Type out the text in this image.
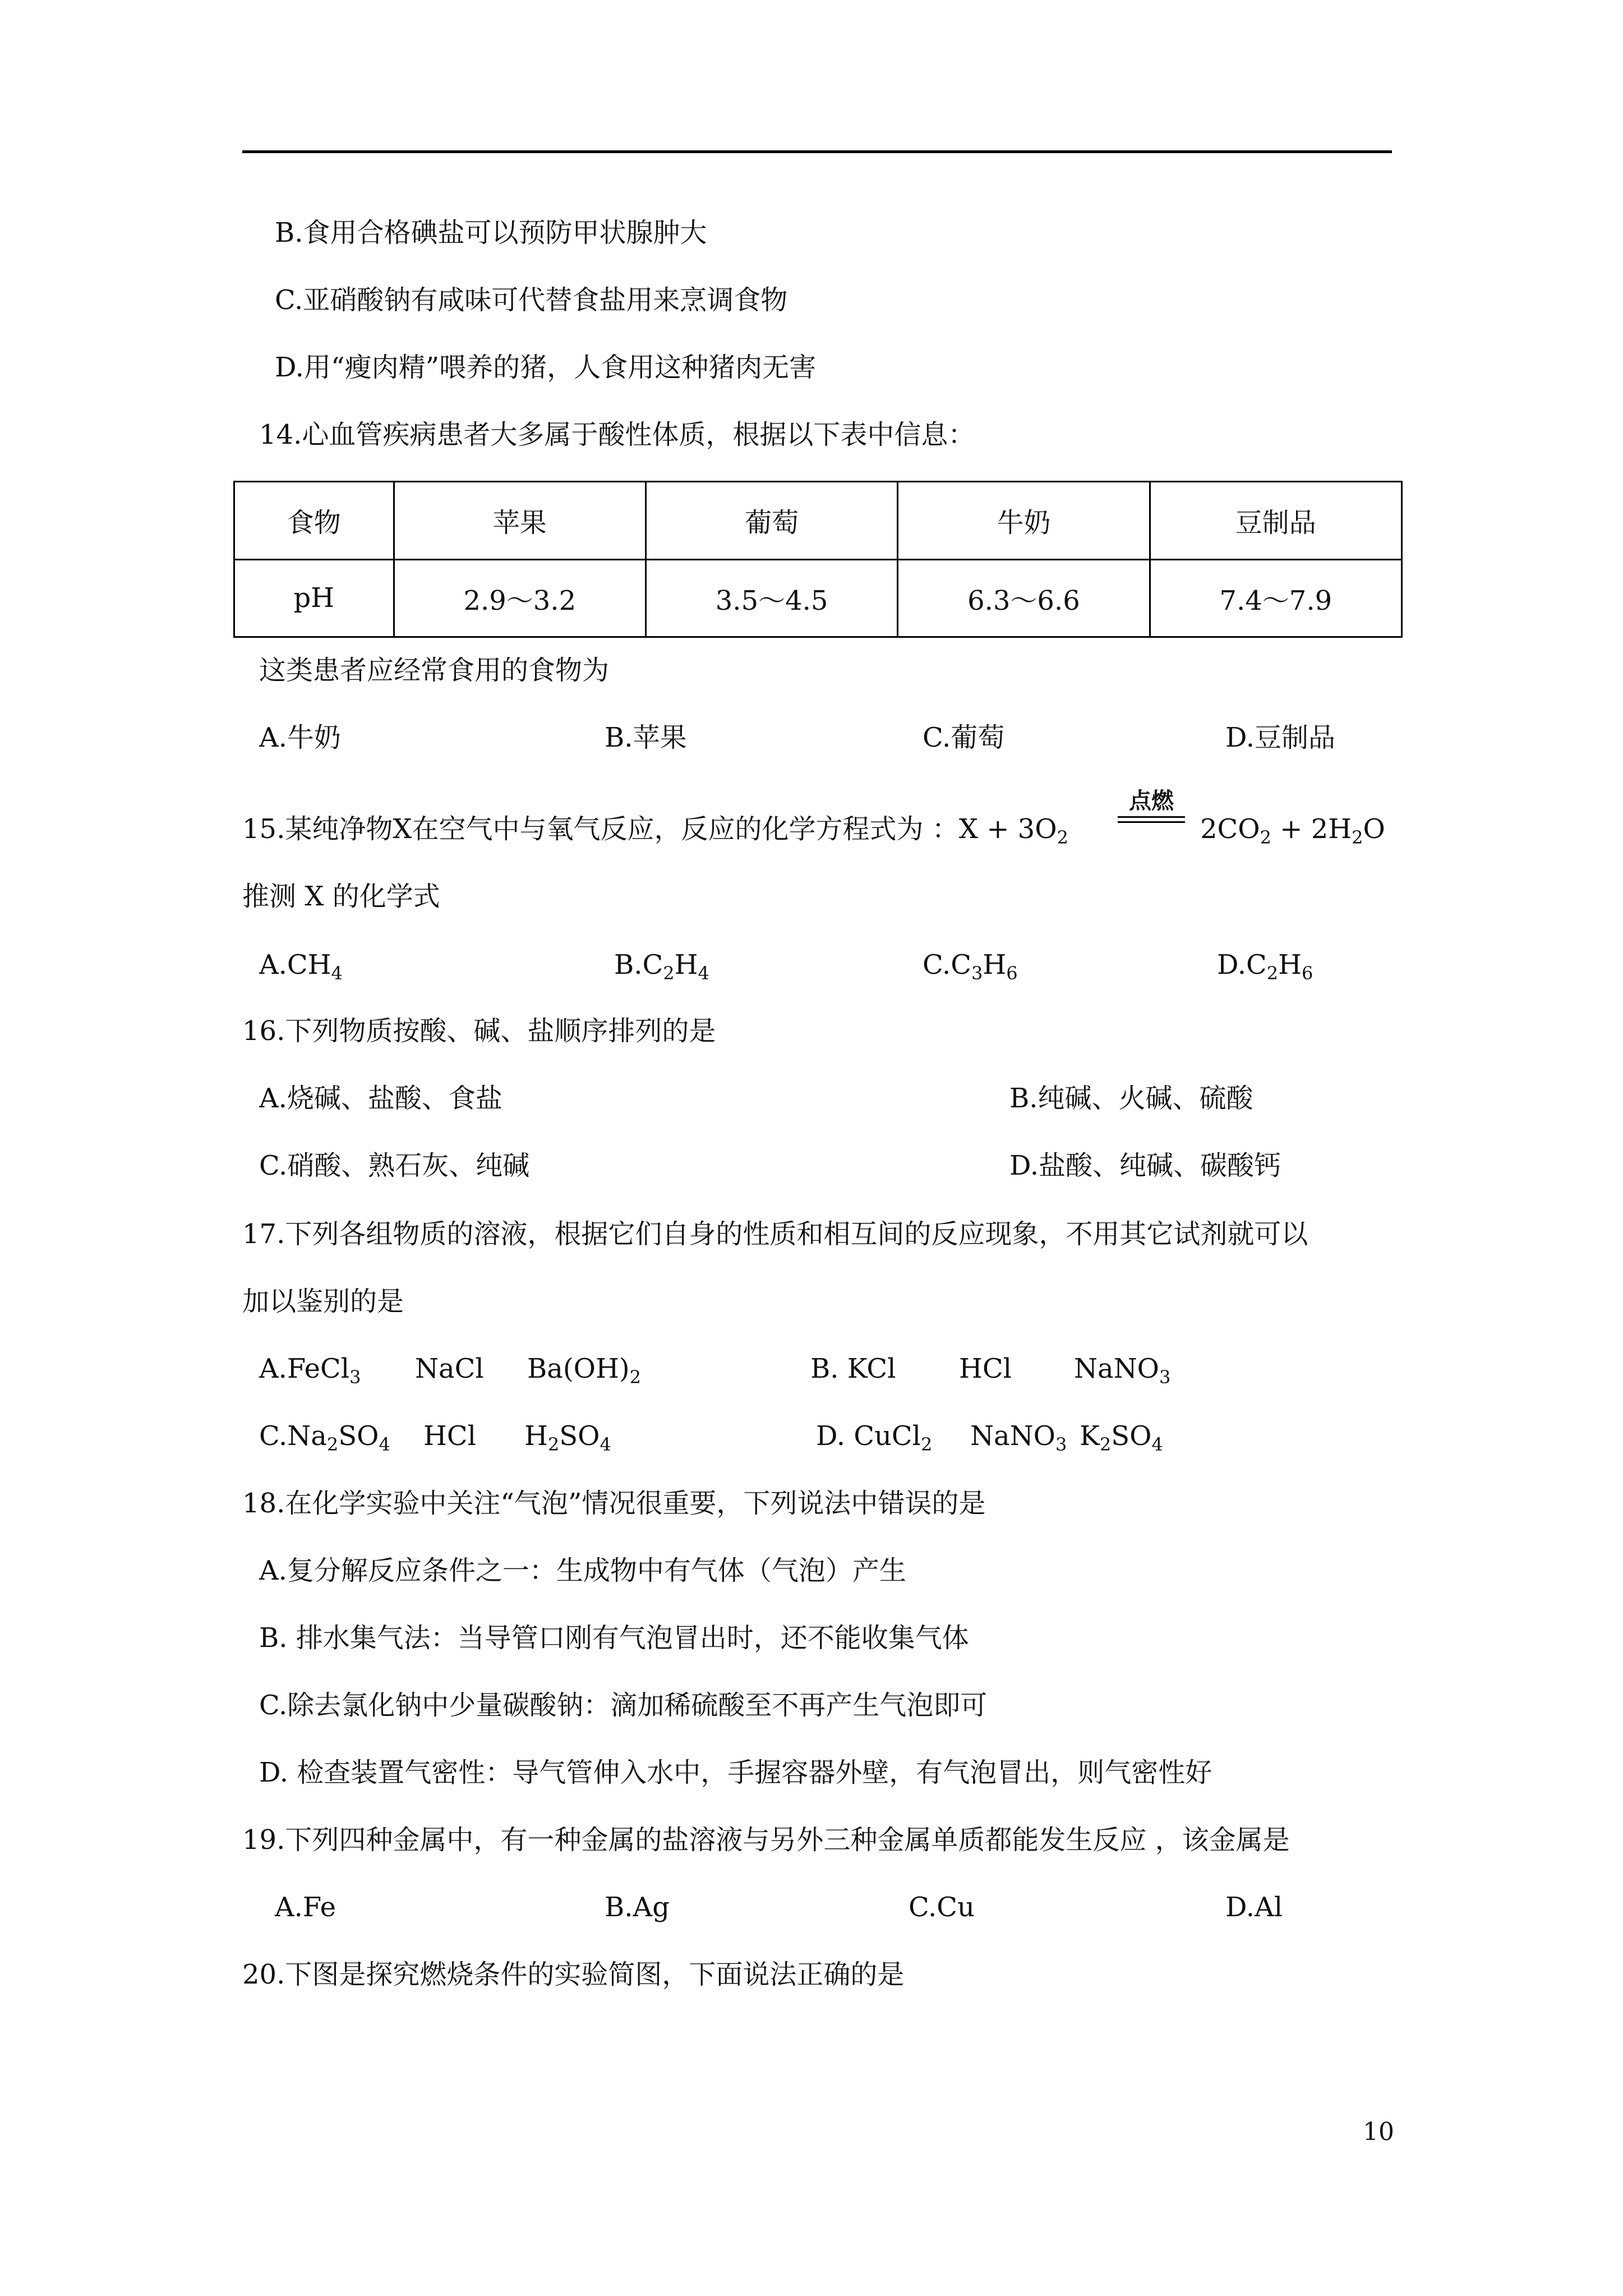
B.食用合格碘盐可以预防甲状腺肿大
C.亚硝酸钠有咸味可代替食盐用来烹调食物
D.用“瘦肉精”喂养的猪，人食用这种猪肉无害
14.心血管疾病患者大多属于酸性体质，根据以下表中信息：
食物	苹果	葡萄	牛奶	豆制品
pH	2.9～3.2	3.5～4.5	6.3～6.6	7.4～7.9
这类患者应经常食用的食物为
A.牛奶	B.苹果	C.葡萄	D.豆制品
15.某纯净物X在空气中与氧气反应，反应的化学方程式为 ：$X + 3O_2$
点燃
$2CO_2 + 2H_2O$
推测 X 的化学式
$A.CH_4$	$B.C_2H_4$	$C.C_3H_6$	$D.C_2H_6$
16.下列物质按酸、碱、盐顺序排列的是
A.烧碱、盐酸、食盐	B.纯碱、火碱、硫酸
C.硝酸、熟石灰、纯碱	D.盐酸、纯碱、碳酸钙
17.下列各组物质的溶液，根据它们自身的性质和相互间的反应现象，不用其它试剂就可以
加以鉴别的是
A.FeCl$_3$ NaCl $Ba(OH)_2$	B. KCl HCl NaNO$_3$
$C.Na_2SO_4$ HCl $H_2SO_4$	D. CuCl$_2$ NaNO$_3$ $K_2SO_4$
18.在化学实验中关注“气泡”情况很重要，下列说法中错误的是
A.复分解反应条件之一：生成物中有气体（气泡）产生
B. 排水集气法：当导管口刚有气泡冒出时，还不能收集气体
C.除去氯化钠中少量碳酸钠：滴加稀硫酸至不再产生气泡即可
D. 检查装置气密性：导气管伸入水中，手握容器外壁，有气泡冒出，则气密性好
19.下列四种金属中，有一种金属的盐溶液与另外三种金属单质都能发生反应 ，该金属是
A.Fe	B.Ag	C.Cu	D.Al
20.下图是探究燃烧条件的实验简图，下面说法正确的是
10
